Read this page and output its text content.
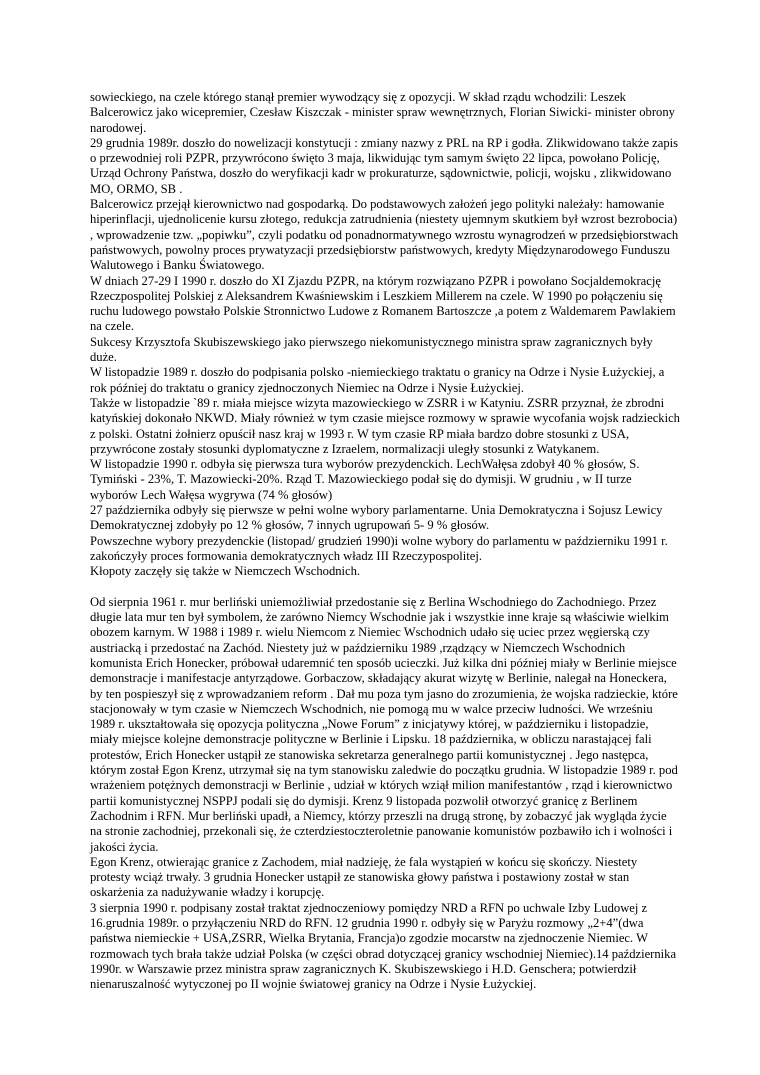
sowieckiego, na czele którego stanął premier wywodzący się z opozycji. W skład rządu wchodzili: Leszek Balcerowicz jako wicepremier, Czesław Kiszczak - minister spraw wewnętrznych, Florian Siwicki- minister obrony narodowej.

29 grudnia 1989r. doszło do nowelizacji konstytucji : zmiany nazwy z PRL na RP i godła. Zlikwidowano także zapis o przewodniej roli PZPR, przywrócono święto 3 maja, likwidując tym samym święto 22 lipca, powołano Policję, Urząd Ochrony Państwa, doszło do weryfikacji kadr w prokuraturze, sądownictwie, policji, wojsku , zlikwidowano MO, ORMO, SB .

Balcerowicz przejął kierownictwo nad gospodarką. Do podstawowych założeń jego polityki należały: hamowanie hiperinflacji, ujednolicenie kursu złotego, redukcja zatrudnienia (niestety ujemnym skutkiem był wzrost bezrobocia) , wprowadzenie tzw. „popiwku”, czyli podatku od ponadnormatywnego wzrostu wynagrodzeń w przedsiębiorstwach państwowych, powolny proces prywatyzacji przedsiębiorstw państwowych, kredyty Międzynarodowego Funduszu Walutowego i Banku Światowego.

W dniach 27-29 I 1990 r. doszło do XI Zjazdu PZPR, na którym rozwiązano PZPR i powołano Socjaldemokrację Rzeczpospolitej Polskiej z Aleksandrem Kwaśniewskim i Leszkiem Millerem na czele. W 1990 po połączeniu się ruchu ludowego powstało Polskie Stronnictwo Ludowe z Romanem Bartoszcze ,a potem z Waldemarem Pawlakiem na czele.

Sukcesy Krzysztofa Skubiszewskiego jako pierwszego niekomunistycznego ministra spraw zagranicznych były duże.

W listopadzie 1989 r. doszło do podpisania polsko -niemieckiego traktatu o granicy na Odrze i Nysie Łużyckiej, a rok później do traktatu o granicy zjednoczonych Niemiec na Odrze i Nysie Łużyckiej.

Także w listopadzie `89 r. miała miejsce wizyta mazowieckiego w ZSRR i w Katyniu. ZSRR przyznał, że zbrodni katyńskiej dokonało NKWD. Miały również w tym czasie miejsce rozmowy w sprawie wycofania wojsk radzieckich z polski. Ostatni żołnierz opuścił nasz kraj w 1993 r. W tym czasie RP miała bardzo dobre stosunki z USA, przywrócone zostały stosunki dyplomatyczne z Izraelem, normalizacji uległy stosunki z Watykanem.

W listopadzie 1990 r. odbyła się pierwsza tura wyborów prezydenckich. LechWałęsa zdobył 40 % głosów, S. Tymiński - 23%, T. Mazowiecki-20%. Rząd T. Mazowieckiego podał się do dymisji. W grudniu , w II turze wyborów Lech Wałęsa wygrywa (74 % głosów)

27 października odbyły się pierwsze w pełni wolne wybory parlamentarne. Unia Demokratyczna i Sojusz Lewicy Demokratycznej zdobyły po 12 % głosów, 7 innych ugrupowań 5- 9 % głosów.

Powszechne wybory prezydenckie (listopad/ grudzień 1990)i wolne wybory do parlamentu w październiku 1991 r. zakończyły proces formowania demokratycznych władz III Rzeczypospolitej.

Kłopoty zaczęły się także w Niemczech Wschodnich.

Od sierpnia 1961 r. mur berliński uniemożliwiał przedostanie się z Berlina Wschodniego do Zachodniego. Przez długie lata mur ten był symbolem, że zarówno Niemcy Wschodnie jak i wszystkie inne kraje są właściwie wielkim obozem karnym. W 1988 i 1989 r. wielu Niemcom z Niemiec Wschodnich udało się uciec przez węgierską czy austriacką i przedostać na Zachód. Niestety już w październiku 1989 ,rządzący w Niemczech Wschodnich komunista Erich Honecker, próbował udaremnić ten sposób ucieczki. Już kilka dni później miały w Berlinie miejsce demonstracje i manifestacje antyrządowe. Gorbaczow, składający akurat wizytę w Berlinie, nalegał na Honeckera, by ten pospieszył się z wprowadzaniem reform . Dał mu poza tym jasno do zrozumienia, że wojska radzieckie, które stacjonowały w tym czasie w Niemczech Wschodnich, nie pomogą mu w walce przeciw ludności. We wrześniu 1989 r. ukształtowała się opozycja polityczna „Nowe Forum” z inicjatywy której, w październiku i listopadzie, miały miejsce kolejne demonstracje polityczne w Berlinie i Lipsku. 18 października, w obliczu narastającej fali protestów, Erich Honecker ustąpił ze stanowiska sekretarza generalnego partii komunistycznej . Jego następca, którym został Egon Krenz, utrzymał się na tym stanowisku zaledwie do początku grudnia. W listopadzie 1989 r. pod wrażeniem potężnych demonstracji w Berlinie , udział w których wziął milion manifestantów , rząd i kierownictwo partii komunistycznej NSPPJ podali się do dymisji. Krenz 9 listopada pozwolił otworzyć granicę z Berlinem Zachodnim i RFN. Mur berliński upadł, a Niemcy, którzy przeszli na drugą stronę, by zobaczyć jak wygląda życie na stronie zachodniej, przekonali się, że czterdziestoczteroletnie panowanie komunistów pozbawiło ich i wolności i jakości życia.

Egon Krenz, otwierając granice z Zachodem, miał nadzieję, że fala wystąpień w końcu się skończy. Niestety protesty wciąż trwały. 3 grudnia Honecker ustąpił ze stanowiska głowy państwa i postawiony został w stan oskarżenia za nadużywanie władzy i korupcję.

3 sierpnia 1990 r. podpisany został traktat zjednoczeniowy pomiędzy NRD a RFN po uchwale Izby Ludowej z 16.grudnia 1989r. o przyłączeniu NRD do RFN. 12 grudnia 1990 r. odbyły się w Paryżu rozmowy „2+4”(dwa państwa niemieckie + USA,ZSRR, Wielka Brytania, Francja)o zgodzie mocarstw na zjednoczenie Niemiec. W rozmowach tych brała także udział Polska (w części obrad dotyczącej granicy wschodniej Niemiec).14 października 1990r. w Warszawie przez ministra spraw zagranicznych K. Skubiszewskiego i H.D. Genschera; potwierdził nienaruszalność wytyczonej po II wojnie światowej granicy na Odrze i Nysie Łużyckiej.
